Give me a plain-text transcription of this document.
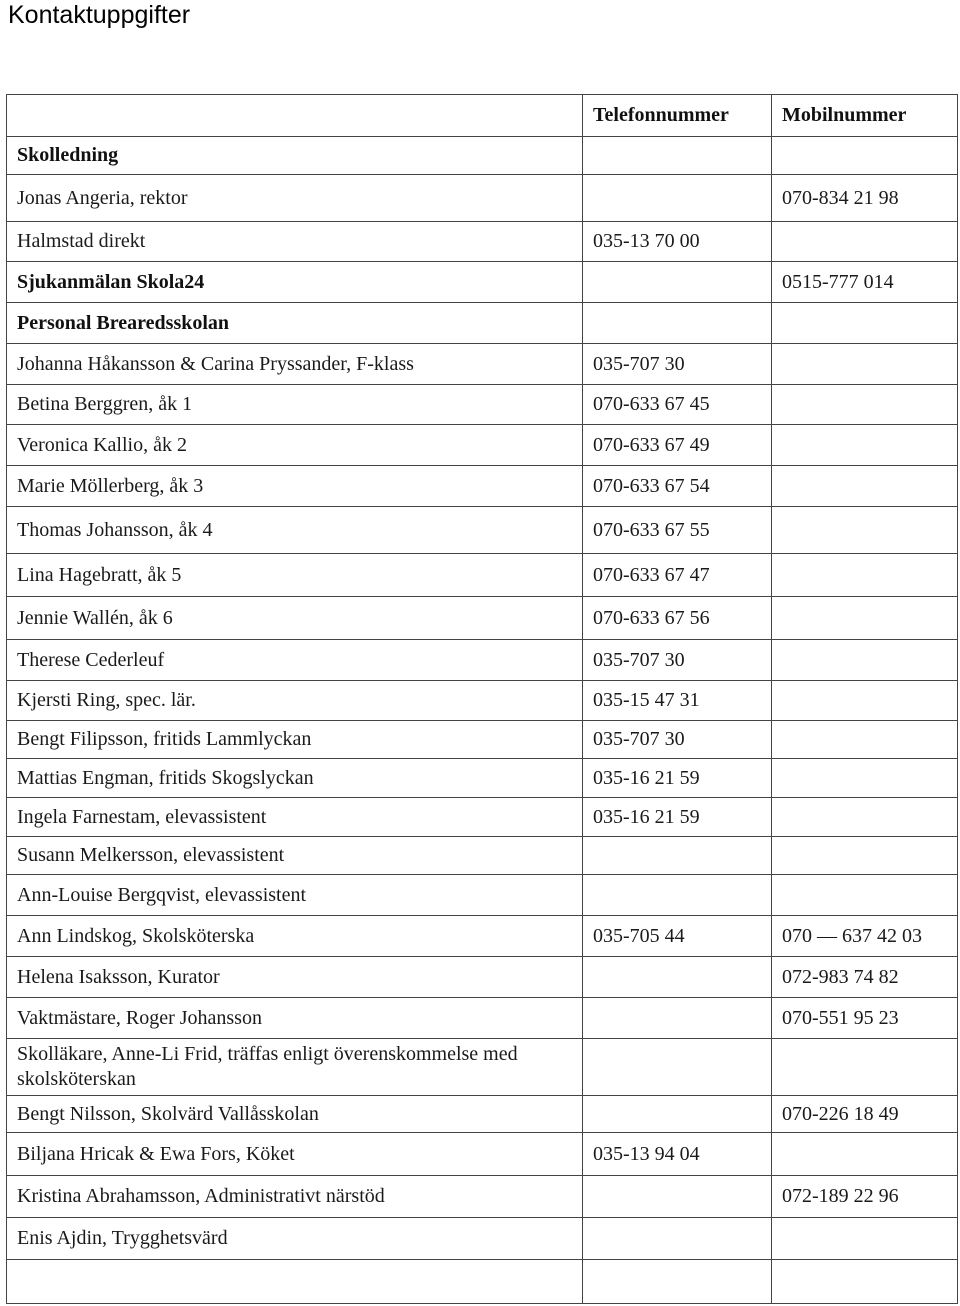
Kontaktuppgifter
	Telefonnummer	Mobilnummer
Skolledning		
Jonas Angeria, rektor		070-834 21 98
Halmstad direkt	035-13 70 00	
Sjukanmälan Skola24		0515-777 014
Personal Brearedsskolan		
Johanna Håkansson & Carina Pryssander, F-klass	035-707 30	
Betina Berggren, åk 1	070-633 67 45	
Veronica Kallio, åk 2	070-633 67 49	
Marie Möllerberg, åk 3	070-633 67 54	
Thomas Johansson, åk 4	070-633 67 55	
Lina Hagebratt, åk 5	070-633 67 47	
Jennie Wallén, åk 6	070-633 67 56	
Therese Cederleuf	035-707 30	
Kjersti Ring, spec. lär.	035-15 47 31	
Bengt Filipsson, fritids Lammlyckan	035-707 30	
Mattias Engman, fritids Skogslyckan	035-16 21 59	
Ingela Farnestam, elevassistent	035-16 21 59	
Susann Melkersson, elevassistent		
Ann-Louise Bergqvist, elevassistent		
Ann Lindskog, Skolsköterska	035-705 44	070 — 637 42 03
Helena Isaksson, Kurator		072-983 74 82
Vaktmästare, Roger Johansson		070-551 95 23
Skolläkare, Anne-Li Frid, träffas enligt överenskommelse med skolsköterskan		
Bengt Nilsson, Skolvärd Vallåsskolan		070-226 18 49
Biljana Hricak & Ewa Fors, Köket	035-13 94 04	
Kristina Abrahamsson, Administrativt närstöd		072-189 22 96
Enis Ajdin, Trygghetsvärd		
